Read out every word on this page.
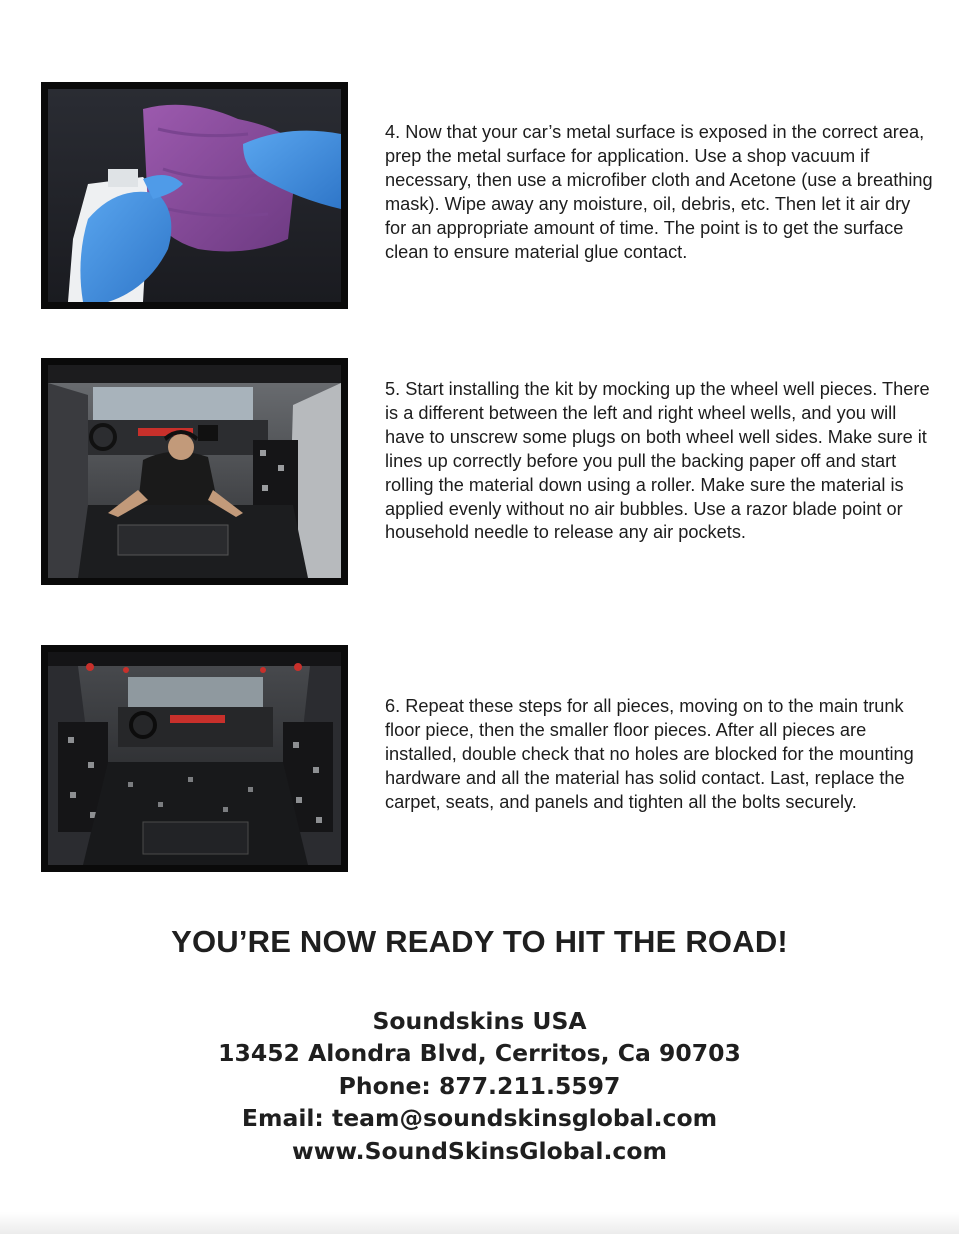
4. Now that your car’s metal surface is exposed in the correct area, prep the metal surface for application. Use a shop vacuum if necessary, then use a microfiber cloth and Acetone (use a breathing mask). Wipe away any moisture, oil, debris, etc. Then let it air dry for an appropriate amount of time. The point is to get the surface clean to ensure material glue contact.

5. Start installing the kit by mocking up the wheel well pieces. There is a different between the left and right wheel wells, and you will have to unscrew some plugs on both wheel well sides. Make sure it lines up correctly before you pull the backing paper off and start rolling the material down using a roller. Make sure the material is applied evenly without no air bubbles. Use a razor blade point or household needle to release any air pockets.

6. Repeat these steps for all pieces, moving on to the main trunk floor piece, then the smaller floor pieces. After all pieces are installed, double check that no holes are blocked for the mounting hardware and all the material has solid contact. Last, replace the carpet, seats, and panels and tighten all the bolts securely.

YOU’RE NOW READY TO HIT THE ROAD!
Soundskins USA
13452 Alondra Blvd, Cerritos, Ca 90703
Phone: 877.211.5597
Email: team@soundskinsglobal.com
www.SoundSkinsGlobal.com
